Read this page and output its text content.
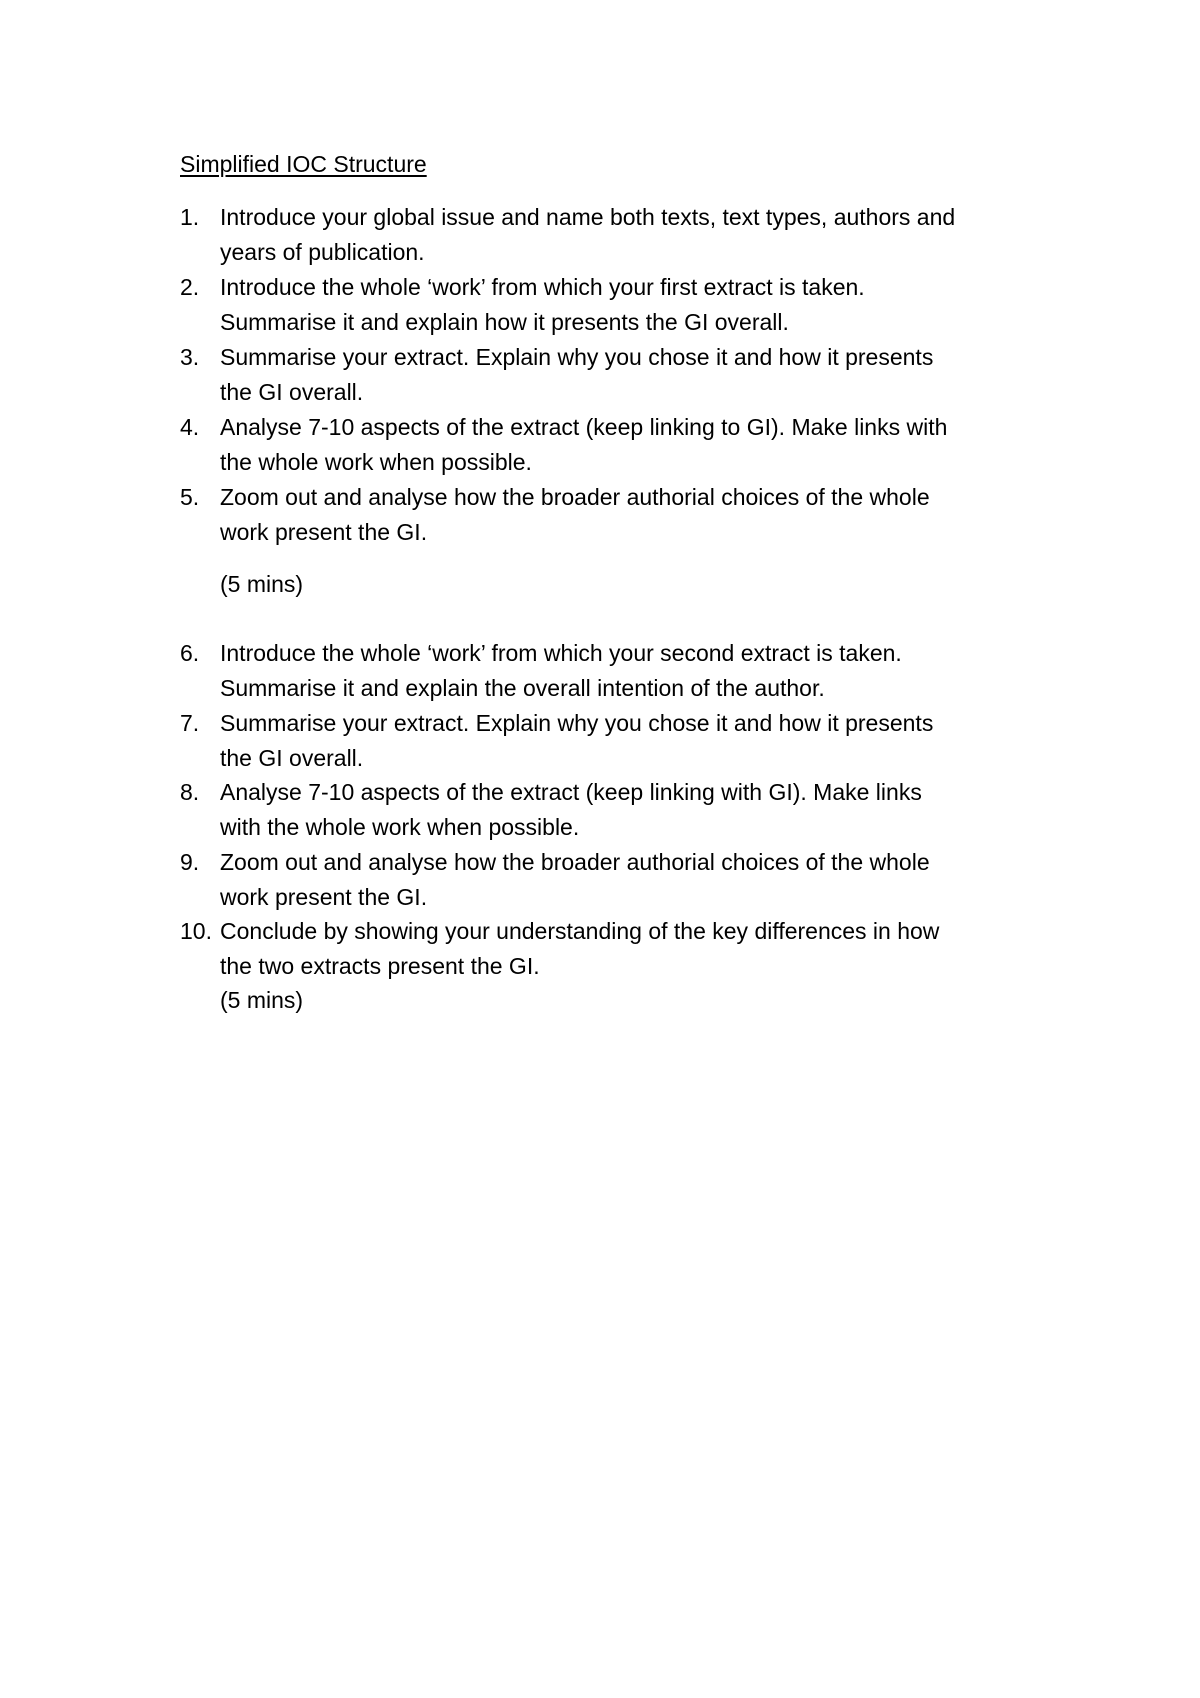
Simplified IOC Structure
1. Introduce your global issue and name both texts, text types, authors and
years of publication.
2. Introduce the whole ‘work’ from which your first extract is taken.
Summarise it and explain how it presents the GI overall.
3. Summarise your extract. Explain why you chose it and how it presents
the GI overall.
4. Analyse 7-10 aspects of the extract (keep linking to GI). Make links with
the whole work when possible.
5. Zoom out and analyse how the broader authorial choices of the whole
work present the GI.
(5 mins)
6. Introduce the whole ‘work’ from which your second extract is taken.
Summarise it and explain the overall intention of the author.
7. Summarise your extract. Explain why you chose it and how it presents
the GI overall.
8. Analyse 7-10 aspects of the extract (keep linking with GI). Make links
with the whole work when possible.
9. Zoom out and analyse how the broader authorial choices of the whole
work present the GI.
10. Conclude by showing your understanding of the key differences in how
the two extracts present the GI.
(5 mins)
